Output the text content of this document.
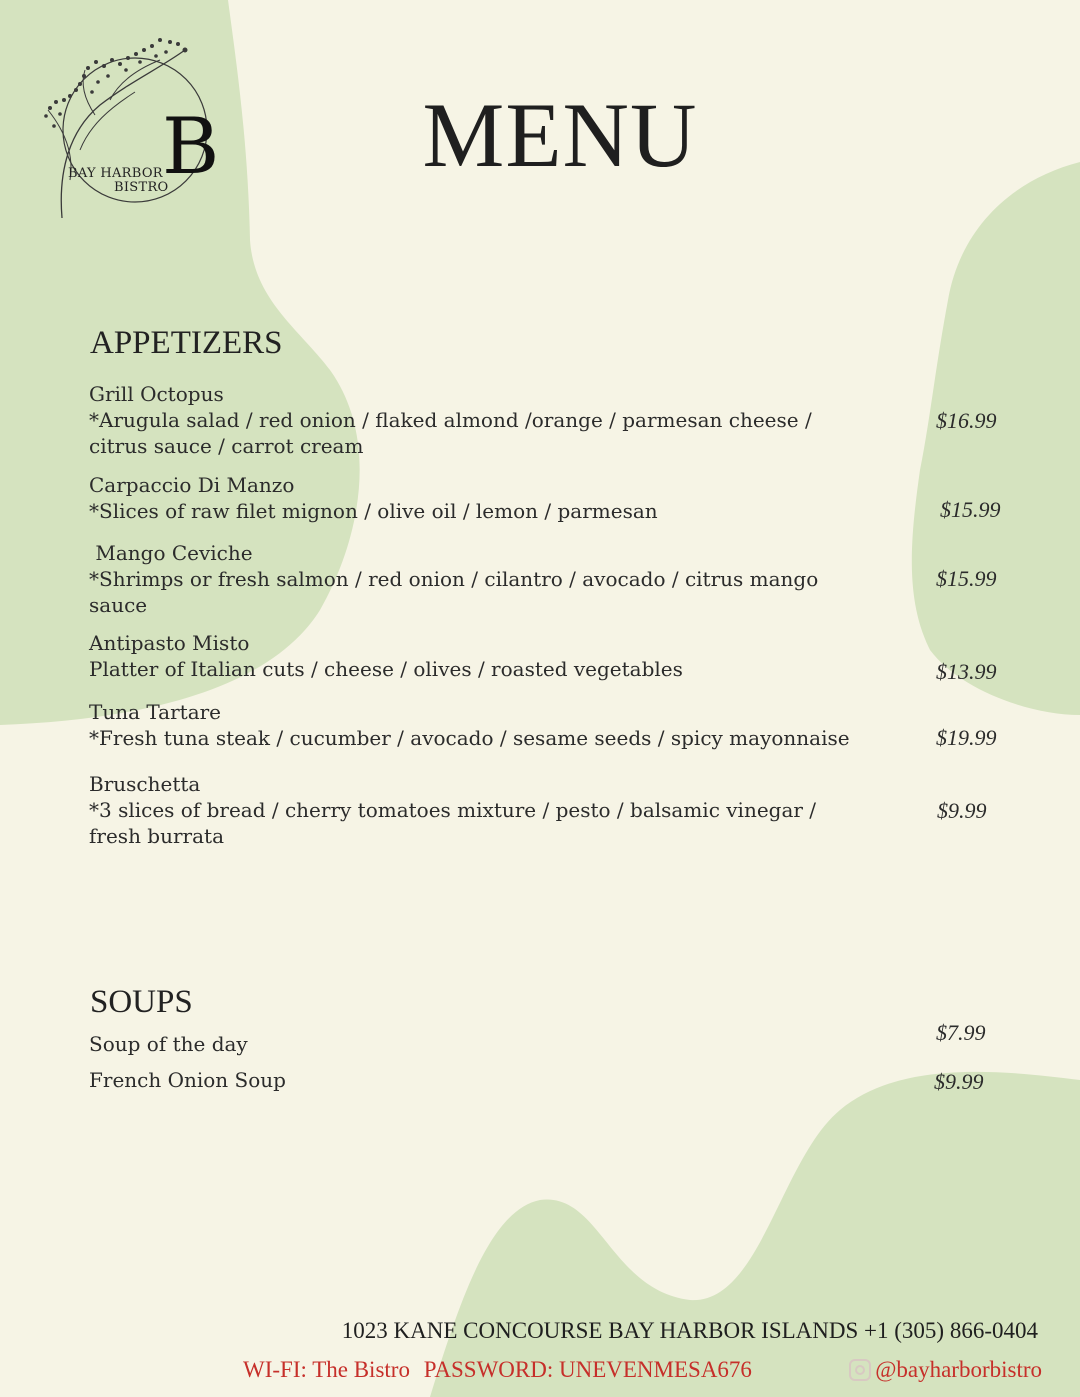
B
BAY HARBOR
BISTRO
MENU
APPETIZERS
Grill Octopus
*Arugula salad / red onion / flaked almond /orange / parmesan cheese /
citrus sauce / carrot cream
$16.99
Carpaccio Di Manzo
*Slices of raw filet mignon / olive oil / lemon / parmesan	$15.99
Mango Ceviche
*Shrimps or fresh salmon / red onion / cilantro / avocado / citrus mango
sauce
$15.99
Antipasto Misto
Platter of Italian cuts / cheese / olives / roasted vegetables	$13.99
Tuna Tartare
*Fresh tuna steak / cucumber / avocado / sesame seeds / spicy mayonnaise	$19.99
Bruschetta
*3 slices of bread / cherry tomatoes mixture / pesto / balsamic vinegar /
fresh burrata
$9.99
SOUPS
Soup of the day	$7.99
French Onion Soup	$9.99
1023 KANE CONCOURSE BAY HARBOR ISLANDS +1 (305) 866-0404
WI-FI: The Bistro PASSWORD: UNEVENMESA676	@bayharborbistro
